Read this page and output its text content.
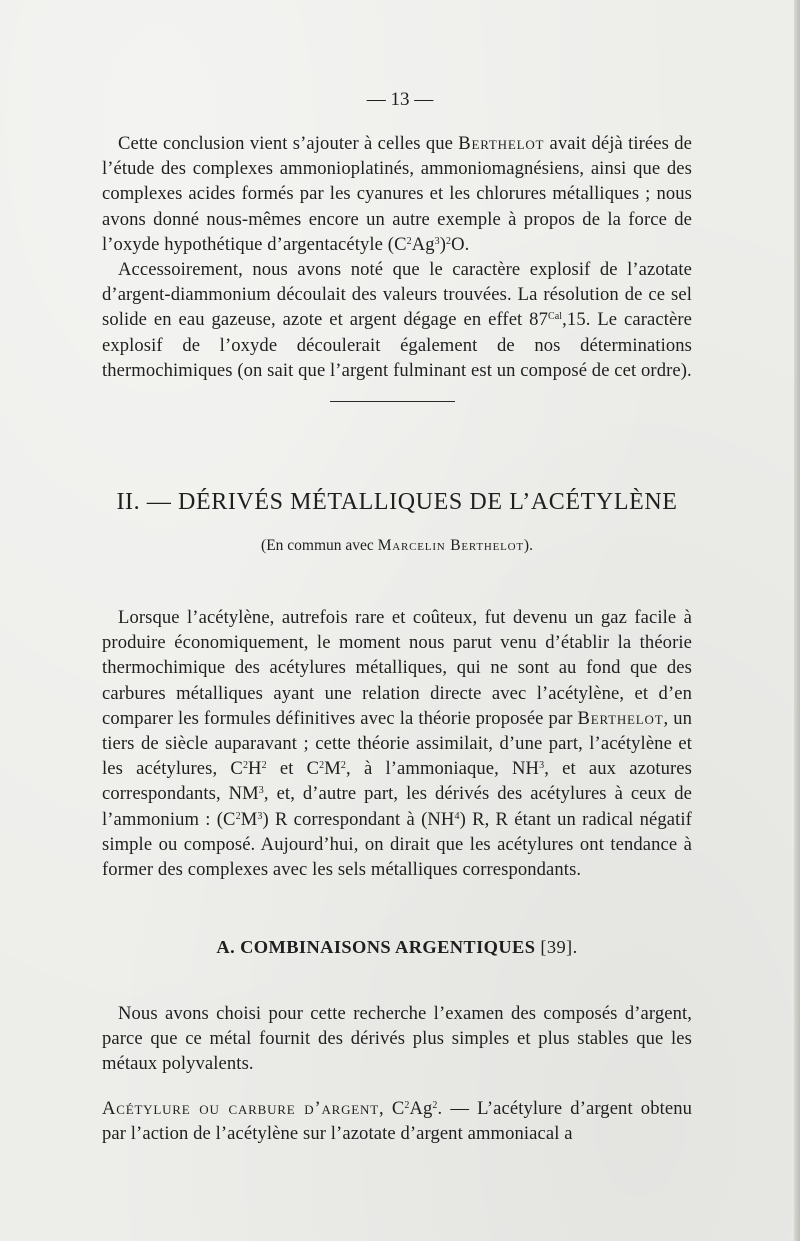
— 13 —

Cette conclusion vient s’ajouter à celles que Berthelot avait déjà tirées de l’étude des complexes ammonioplatinés, ammoniomagnésiens, ainsi que des complexes acides formés par les cyanures et les chlorures métalliques ; nous avons donné nous-mêmes encore un autre exemple à propos de la force de l’oxyde hypothétique d’argentacétyle $(C^2Ag^3)^2O$.

Accessoirement, nous avons noté que le caractère explosif de l’azotate d’argent-diammonium découlait des valeurs trouvées. La résolution de ce sel solide en eau gazeuse, azote et argent dégage en effet $87^{Cal},15$. Le caractère explosif de l’oxyde découlerait également de nos déterminations thermochimiques (on sait que l’argent fulminant est un composé de cet ordre).

II. — DÉRIVÉS MÉTALLIQUES DE L’ACÉTYLÈNE
(En commun avec Marcelin Berthelot).

Lorsque l’acétylène, autrefois rare et coûteux, fut devenu un gaz facile à produire économiquement, le moment nous parut venu d’établir la théorie thermochimique des acétylures métalliques, qui ne sont au fond que des carbures métalliques ayant une relation directe avec l’acétylène, et d’en comparer les formules définitives avec la théorie proposée par Berthelot, un tiers de siècle auparavant ; cette théorie assimilait, d’une part, l’acétylène et les acétylures, $C^2H^2$ et $C^2M^2$, à l’ammoniaque, $NH^3$, et aux azotures correspondants, $NM^3$, et, d’autre part, les dérivés des acétylures à ceux de l’ammonium : $(C^2M^3)$ R correspondant à $(NH^4)$ R, R étant un radical négatif simple ou composé. Aujourd’hui, on dirait que les acétylures ont tendance à former des complexes avec les sels métalliques correspondants.

A. COMBINAISONS ARGENTIQUES [39].

Nous avons choisi pour cette recherche l’examen des composés d’argent, parce que ce métal fournit des dérivés plus simples et plus stables que les métaux polyvalents.

Acétylure ou carbure d’argent, $C^2Ag^2$. — L’acétylure d’argent obtenu par l’action de l’acétylène sur l’azotate d’argent ammoniacal a
